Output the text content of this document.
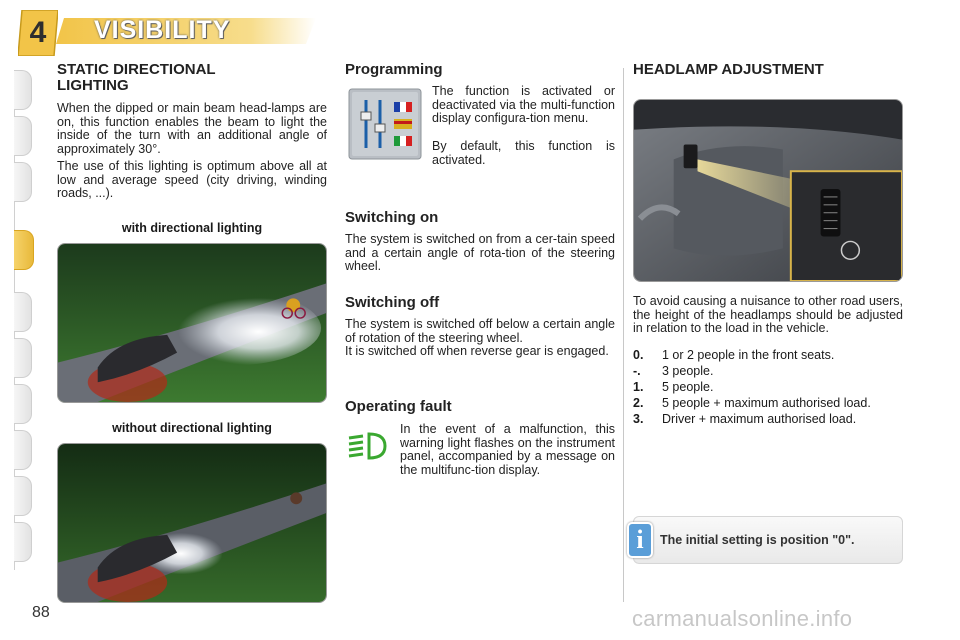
4	VISIBILITY
88
STATIC DIRECTIONAL LIGHTING

When the dipped or main beam head-lamps are on, this function enables the beam to light the inside of the turn with an additional angle of approximately 30°.

The use of this lighting is optimum above all at low and average speed (city driving, winding roads, ...).

with directional lighting
without directional lighting
Programming

The function is activated or deactivated via the multi-function display configura-tion menu.

By default, this function is activated.

Switching on

The system is switched on from a cer-tain speed and a certain angle of rota-tion of the steering wheel.

Switching off

The system is switched off below a certain angle of rotation of the steering wheel.

It is switched off when reverse gear is engaged.

Operating fault

In the event of a malfunction, this warning light flashes on the instrument panel, accompanied by a message on the multifunc-tion display.

HEADLAMP ADJUSTMENT

To avoid causing a nuisance to other road users, the height of the headlamps should be adjusted in relation to the load in the vehicle.

0.	1 or 2 people in the front seats.
-.	3 people.
1.	5 people.
2.	5 people + maximum authorised load.
3.	Driver + maximum authorised load.
i	The initial setting is position "0".
carmanualsonline.info
